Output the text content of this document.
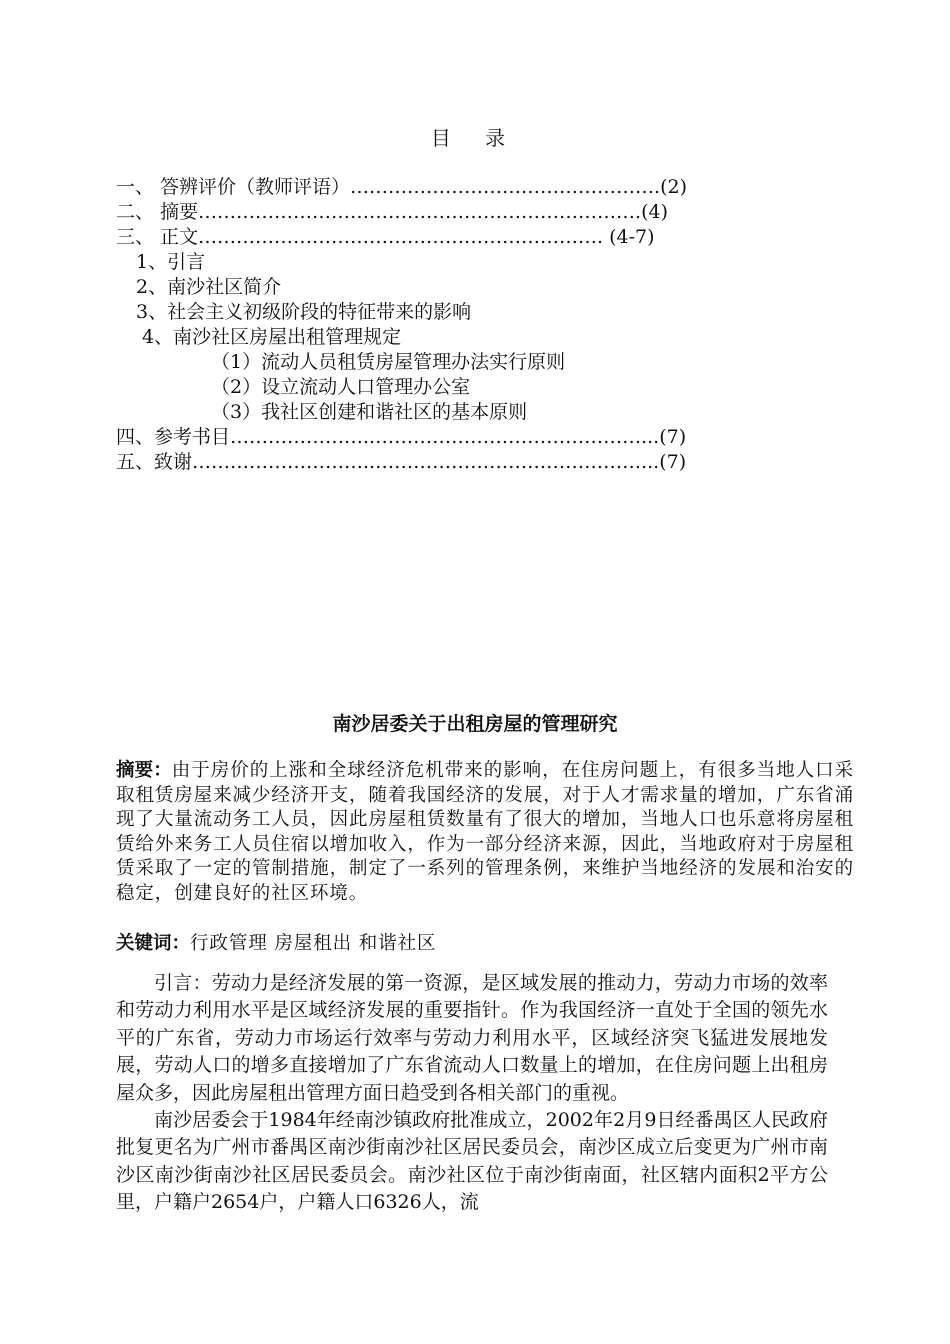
目 录
一、 答辨评价（教师评语）………………………………………….(2)
二、 摘要…………………………………………………………….(4)
三、 正文………………………………………………………. (4-7)
1、引言
2、南沙社区简介
3、社会主义初级阶段的特征带来的影响
4、南沙社区房屋出租管理规定
（1）流动人员租赁房屋管理办法实行原则
（2）设立流动人口管理办公室
（3）我社区创建和谐社区的基本原则
四、参考书目…………………..……………………………………...(7)
五、致谢………………………..……………………………………...(7)
南沙居委关于出租房屋的管理研究
摘要：由于房价的上涨和全球经济危机带来的影响，在住房问题上，有很多当地人口采取租赁房屋来减少经济开支，随着我国经济的发展，对于人才需求量的增加，广东省涌现了大量流动务工人员，因此房屋租赁数量有了很大的增加，当地人口也乐意将房屋租赁给外来务工人员住宿以增加收入，作为一部分经济来源，因此，当地政府对于房屋租赁采取了一定的管制措施，制定了一系列的管理条例，来维护当地经济的发展和治安的稳定，创建良好的社区环境。
关键词：行政管理 房屋租出 和谐社区

引言：劳动力是经济发展的第一资源，是区域发展的推动力，劳动力市场的效率和劳动力利用水平是区域经济发展的重要指针。作为我国经济一直处于全国的领先水平的广东省，劳动力市场运行效率与劳动力利用水平，区域经济突飞猛进发展地发展，劳动人口的增多直接增加了广东省流动人口数量上的增加，在住房问题上出租房屋众多，因此房屋租出管理方面日趋受到各相关部门的重视。

南沙居委会于1984年经南沙镇政府批准成立，2002年2月9日经番禺区人民政府批复更名为广州市番禺区南沙街南沙社区居民委员会，南沙区成立后变更为广州市南沙区南沙街南沙社区居民委员会。南沙社区位于南沙街南面，社区辖内面积2平方公里，户籍户2654户，户籍人口6326人，流
